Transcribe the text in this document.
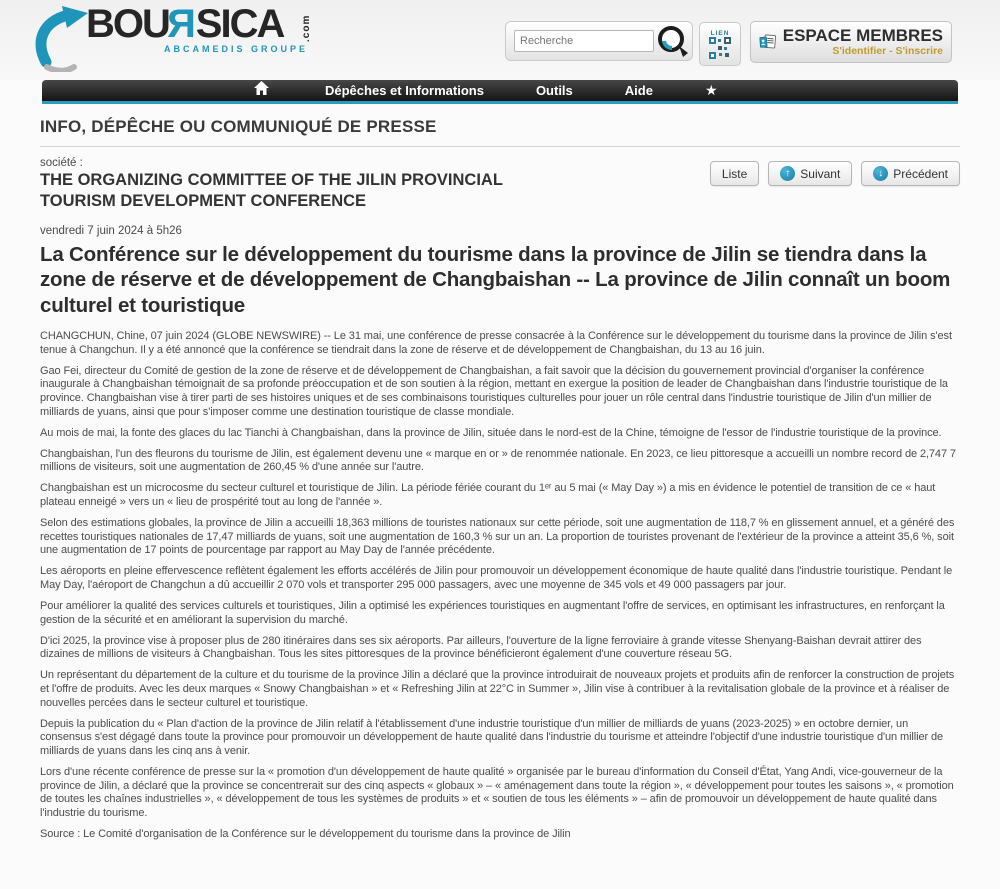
BOU R SICA	.com
ABCAMEDIS GROUPE
Recherche
LIEN	ESPACE MEMBRES
S'identifier - S'inscrire
Dépêches et Informations	Outils	Aide	★
INFO, DÉPÊCHE OU COMMUNIQUÉ DE PRESSE
société :
THE ORGANIZING COMMITTEE OF THE JILIN PROVINCIAL TOURISM DEVELOPMENT CONFERENCE
Liste	↑ Suivant	↓ Précédent
vendredi 7 juin 2024 à 5h26
La Conférence sur le développement du tourisme dans la province de Jilin se tiendra dans la zone de réserve et de développement de Changbaishan -- La province de Jilin connaît un boom culturel et touristique

CHANGCHUN, Chine, 07 juin 2024 (GLOBE NEWSWIRE) -- Le 31 mai, une conférence de presse consacrée à la Conférence sur le développement du tourisme dans la province de Jilin s'est tenue à Changchun. Il y a été annoncé que la conférence se tiendrait dans la zone de réserve et de développement de Changbaishan, du 13 au 16 juin.

Gao Fei, directeur du Comité de gestion de la zone de réserve et de développement de Changbaishan, a fait savoir que la décision du gouvernement provincial d'organiser la conférence inaugurale à Changbaishan témoignait de sa profonde préoccupation et de son soutien à la région, mettant en exergue la position de leader de Changbaishan dans l'industrie touristique de la province. Changbaishan vise à tirer parti de ses histoires uniques et de ses combinaisons touristiques culturelles pour jouer un rôle central dans l'industrie touristique de Jilin d'un millier de milliards de yuans, ainsi que pour s'imposer comme une destination touristique de classe mondiale.

Au mois de mai, la fonte des glaces du lac Tianchi à Changbaishan, dans la province de Jilin, située dans le nord-est de la Chine, témoigne de l'essor de l'industrie touristique de la province.

Changbaishan, l'un des fleurons du tourisme de Jilin, est également devenu une « marque en or » de renommée nationale. En 2023, ce lieu pittoresque a accueilli un nombre record de 2,747 7 millions de visiteurs, soit une augmentation de 260,45 % d'une année sur l'autre.

Changbaishan est un microcosme du secteur culturel et touristique de Jilin. La période fériée courant du 1ᵉʳ au 5 mai (« May Day ») a mis en évidence le potentiel de transition de ce « haut plateau enneigé » vers un « lieu de prospérité tout au long de l'année ».

Selon des estimations globales, la province de Jilin a accueilli 18,363 millions de touristes nationaux sur cette période, soit une augmentation de 118,7 % en glissement annuel, et a généré des recettes touristiques nationales de 17,47 milliards de yuans, soit une augmentation de 160,3 % sur un an. La proportion de touristes provenant de l'extérieur de la province a atteint 35,6 %, soit une augmentation de 17 points de pourcentage par rapport au May Day de l'année précédente.

Les aéroports en pleine effervescence reflètent également les efforts accélérés de Jilin pour promouvoir un développement économique de haute qualité dans l'industrie touristique. Pendant le May Day, l'aéroport de Changchun a dû accueillir 2 070 vols et transporter 295 000 passagers, avec une moyenne de 345 vols et 49 000 passagers par jour.

Pour améliorer la qualité des services culturels et touristiques, Jilin a optimisé les expériences touristiques en augmentant l'offre de services, en optimisant les infrastructures, en renforçant la gestion de la sécurité et en améliorant la supervision du marché.

D'ici 2025, la province vise à proposer plus de 280 itinéraires dans ses six aéroports. Par ailleurs, l'ouverture de la ligne ferroviaire à grande vitesse Shenyang-Baishan devrait attirer des dizaines de millions de visiteurs à Changbaishan. Tous les sites pittoresques de la province bénéficieront également d'une couverture réseau 5G.

Un représentant du département de la culture et du tourisme de la province Jilin a déclaré que la province introduirait de nouveaux projets et produits afin de renforcer la construction de projets et l'offre de produits. Avec les deux marques « Snowy Changbaishan » et « Refreshing Jilin at 22°C in Summer », Jilin vise à contribuer à la revitalisation globale de la province et à réaliser de nouvelles percées dans le secteur culturel et touristique.

Depuis la publication du « Plan d'action de la province de Jilin relatif à l'établissement d'une industrie touristique d'un millier de milliards de yuans (2023-2025) » en octobre dernier, un consensus s'est dégagé dans toute la province pour promouvoir un développement de haute qualité dans l'industrie du tourisme et atteindre l'objectif d'une industrie touristique d'un millier de milliards de yuans dans les cinq ans à venir.

Lors d'une récente conférence de presse sur la « promotion d'un développement de haute qualité » organisée par le bureau d'information du Conseil d'État, Yang Andi, vice-gouverneur de la province de Jilin, a déclaré que la province se concentrerait sur des cinq aspects « globaux » – « aménagement dans toute la région », « développement pour toutes les saisons », « promotion de toutes les chaînes industrielles », « développement de tous les systèmes de produits » et « soutien de tous les éléments » – afin de promouvoir un développement de haute qualité dans l'industrie du tourisme.

Source : Le Comité d'organisation de la Conférence sur le développement du tourisme dans la province de Jilin
